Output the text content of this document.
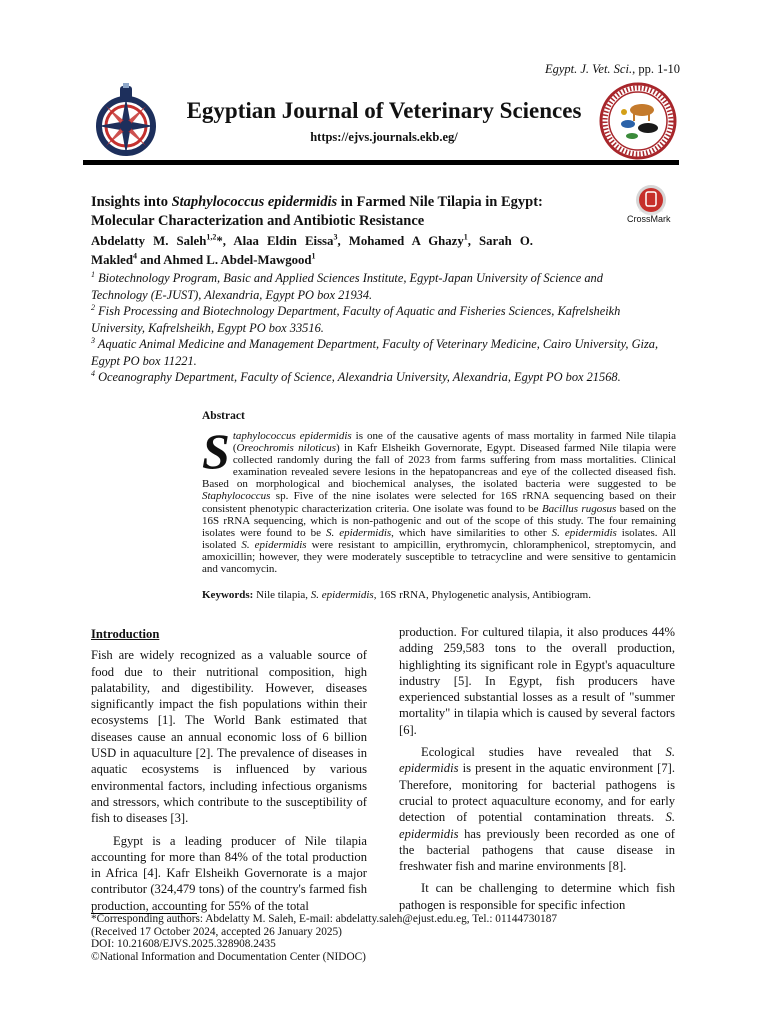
Egypt. J. Vet. Sci., pp. 1-10
Egyptian Journal of Veterinary Sciences
https://ejvs.journals.ekb.eg/
CrossMark
Insights into Staphylococcus epidermidis in Farmed Nile Tilapia in Egypt: Molecular Characterization and Antibiotic Resistance
Abdelatty M. Saleh$^{1,2}$*, Alaa Eldin Eissa$^3$, Mohamed A Ghazy$^1$, Sarah O. Makled$^4$ and Ahmed L. Abdel-Mawgood$^1$

$^1$ Biotechnology Program, Basic and Applied Sciences Institute, Egypt-Japan University of Science and Technology (E-JUST), Alexandria, Egypt PO box 21934.

$^2$ Fish Processing and Biotechnology Department, Faculty of Aquatic and Fisheries Sciences, Kafrelsheikh University, Kafrelsheikh, Egypt PO box 33516.

$^3$ Aquatic Animal Medicine and Management Department, Faculty of Veterinary Medicine, Cairo University, Giza, Egypt PO box 11221.

$^4$ Oceanography Department, Faculty of Science, Alexandria University, Alexandria, Egypt PO box 21568.

Abstract
Staphylococcus epidermidis is one of the causative agents of mass mortality in farmed Nile tilapia (Oreochromis niloticus) in Kafr Elsheikh Governorate, Egypt. Diseased farmed Nile tilapia were collected randomly during the fall of 2023 from farms suffering from mass mortalities. Clinical examination revealed severe lesions in the hepatopancreas and eye of the collected diseased fish. Based on morphological and biochemical analyses, the isolated bacteria were suggested to be Staphylococcus sp. Five of the nine isolates were selected for 16S rRNA sequencing based on their consistent phenotypic characterization criteria. One isolate was found to be Bacillus rugosus based on the 16S rRNA sequencing, which is non-pathogenic and out of the scope of this study. The four remaining isolates were found to be S. epidermidis, which have similarities to other S. epidermidis isolates. All isolated S. epidermidis were resistant to ampicillin, erythromycin, chloramphenicol, streptomycin, and amoxicillin; however, they were moderately susceptible to tetracycline and were sensitive to gentamicin and vancomycin.
Keywords: Nile tilapia, S. epidermidis, 16S rRNA, Phylogenetic analysis, Antibiogram.
Introduction

Fish are widely recognized as a valuable source of food due to their nutritional composition, high palatability, and digestibility. However, diseases significantly impact the fish populations within their ecosystems [1]. The World Bank estimated that diseases cause an annual economic loss of 6 billion USD in aquaculture [2]. The prevalence of diseases in aquatic ecosystems is influenced by various environmental factors, including infectious organisms and stressors, which contribute to the susceptibility of fish to diseases [3].

Egypt is a leading producer of Nile tilapia accounting for more than 84% of the total production in Africa [4]. Kafr Elsheikh Governorate is a major contributor (324,479 tons) of the country's farmed fish production, accounting for 55% of the total

production. For cultured tilapia, it also produces 44% adding 259,583 tons to the overall production, highlighting its significant role in Egypt's aquaculture industry [5]. In Egypt, fish producers have experienced substantial losses as a result of "summer mortality" in tilapia which is caused by several factors [6].

Ecological studies have revealed that S. epidermidis is present in the aquatic environment [7]. Therefore, monitoring for bacterial pathogens is crucial to protect aquaculture economy, and for early detection of potential contamination threats. S. epidermidis has previously been recorded as one of the bacterial pathogens that cause disease in freshwater fish and marine environments [8].

It can be challenging to determine which fish pathogen is responsible for specific infection

*Corresponding authors: Abdelatty M. Saleh, E-mail: abdelatty.saleh@ejust.edu.eg, Tel.: 01144730187

(Received 17 October 2024, accepted 26 January 2025)

DOI: 10.21608/EJVS.2025.328908.2435

©National Information and Documentation Center (NIDOC)
